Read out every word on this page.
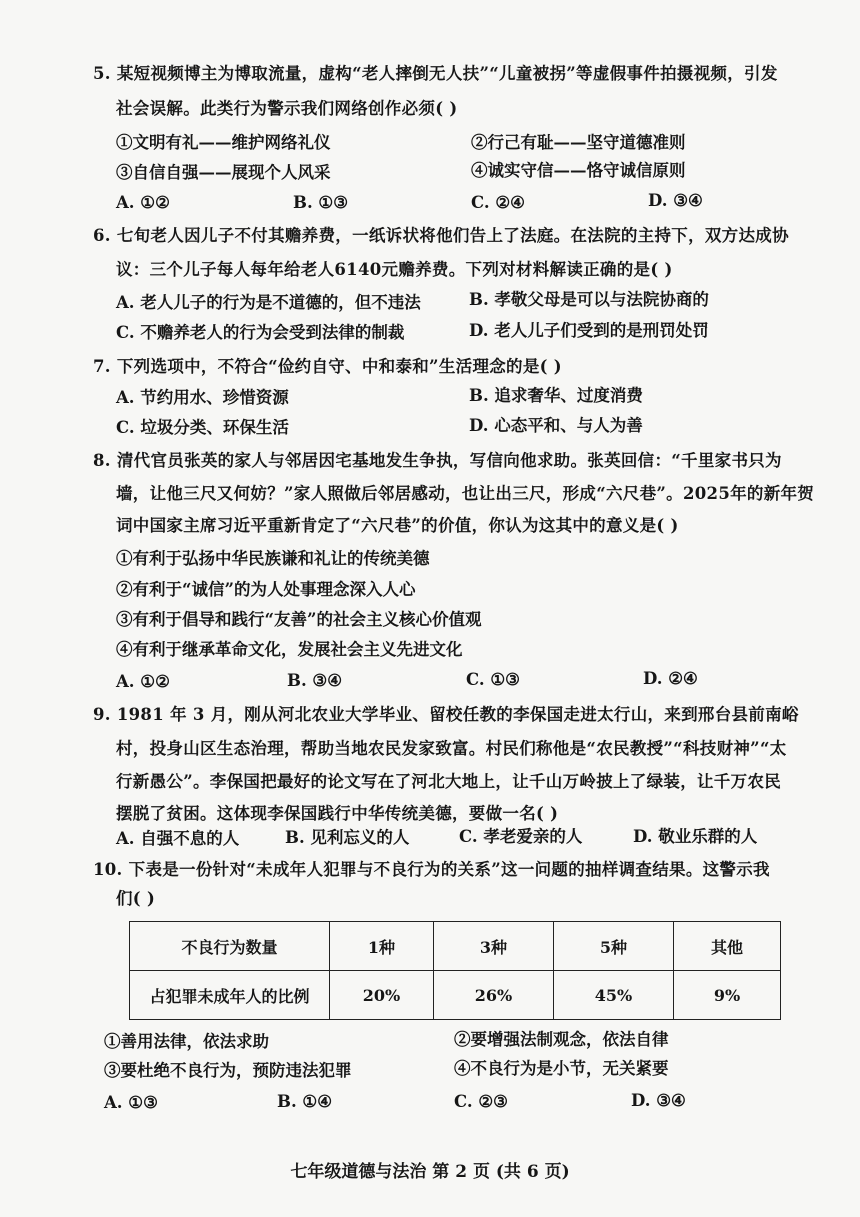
5. 某短视频博主为博取流量，虚构“老人摔倒无人扶”“儿童被拐”等虚假事件拍摄视频，引发
社会误解。此类行为警示我们网络创作必须( )
①文明有礼——维护网络礼仪	②行己有耻——坚守道德准则
③自信自强——展现个人风采	④诚实守信——恪守诚信原则
A. ①②	B. ①③	C. ②④	D. ③④
6. 七旬老人因儿子不付其赡养费，一纸诉状将他们告上了法庭。在法院的主持下，双方达成协
议：三个儿子每人每年给老人6140元赡养费。下列对材料解读正确的是( )
A. 老人儿子的行为是不道德的，但不违法	B. 孝敬父母是可以与法院协商的
C. 不赡养老人的行为会受到法律的制裁	D. 老人儿子们受到的是刑罚处罚
7. 下列选项中，不符合“俭约自守、中和泰和”生活理念的是( )
A. 节约用水、珍惜资源	B. 追求奢华、过度消费
C. 垃圾分类、环保生活	D. 心态平和、与人为善
8. 清代官员张英的家人与邻居因宅基地发生争执，写信向他求助。张英回信：“千里家书只为
墙，让他三尺又何妨？”家人照做后邻居感动，也让出三尺，形成“六尺巷”。2025年的新年贺
词中国家主席习近平重新肯定了“六尺巷”的价值，你认为这其中的意义是( )
①有利于弘扬中华民族谦和礼让的传统美德
②有利于“诚信”的为人处事理念深入人心
③有利于倡导和践行“友善”的社会主义核心价值观
④有利于继承革命文化，发展社会主义先进文化
A. ①②	B. ③④	C. ①③	D. ②④
9. 1981 年 3 月，刚从河北农业大学毕业、留校任教的李保国走进太行山，来到邢台县前南峪
村，投身山区生态治理，帮助当地农民发家致富。村民们称他是“农民教授”“科技财神”“太
行新愚公”。李保国把最好的论文写在了河北大地上，让千山万岭披上了绿装，让千万农民
摆脱了贫困。这体现李保国践行中华传统美德，要做一名( )
A. 自强不息的人	B. 见利忘义的人	C. 孝老爱亲的人	D. 敬业乐群的人
10. 下表是一份针对“未成年人犯罪与不良行为的关系”这一问题的抽样调查结果。这警示我
们( )
不良行为数量	1种	3种	5种	其他
占犯罪未成年人的比例	20%	26%	45%	9%
①善用法律，依法求助	②要增强法制观念，依法自律
③要杜绝不良行为，预防违法犯罪	④不良行为是小节，无关紧要
A. ①③	B. ①④	C. ②③	D. ③④
七年级道德与法治 第 2 页 (共 6 页)
